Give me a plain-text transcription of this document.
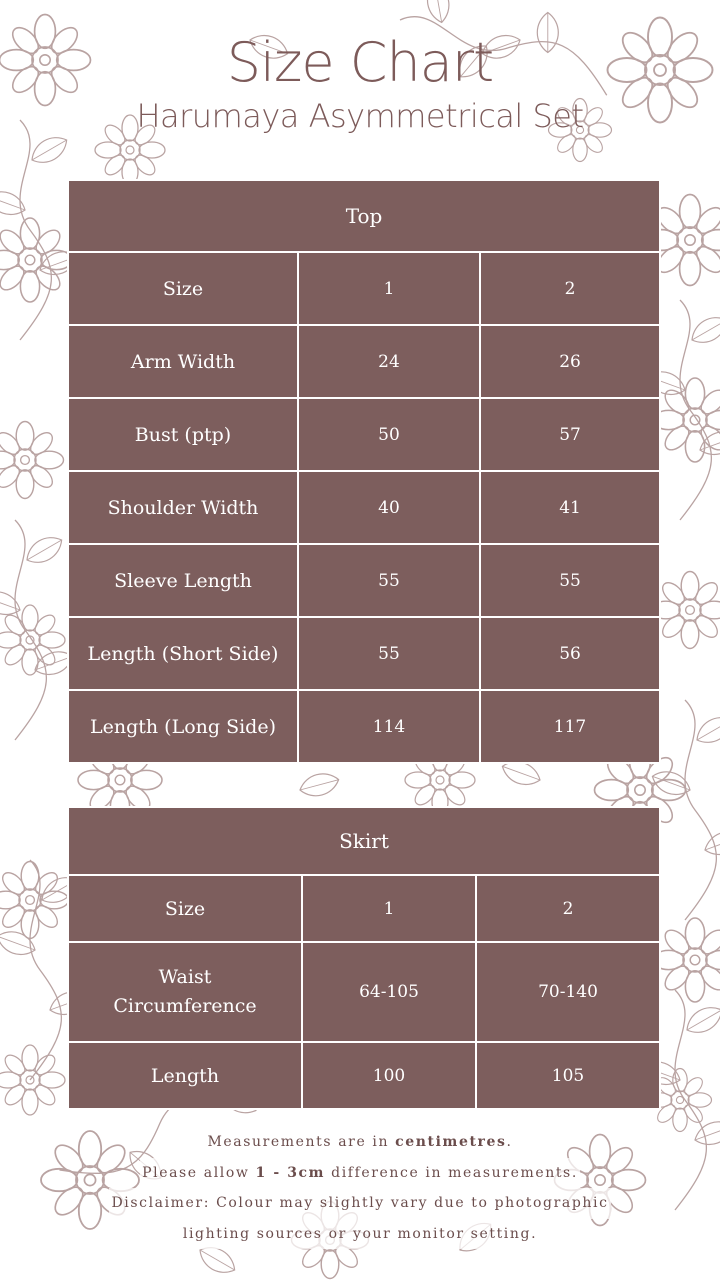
Size Chart
Harumaya Asymmetrical Set
Top		
Size	1	2
Arm Width	24	26
Bust (ptp)	50	57
Shoulder Width	40	41
Sleeve Length	55	55
Length (Short Side)	55	56
Length (Long Side)	114	117
Skirt		
Size	1	2
Waist
Circumference	64-105	70-140
Length	100	105
Measurements are in centimetres.
Please allow 1 - 3cm difference in measurements.
Disclaimer: Colour may slightly vary due to photographic
lighting sources or your monitor setting.
